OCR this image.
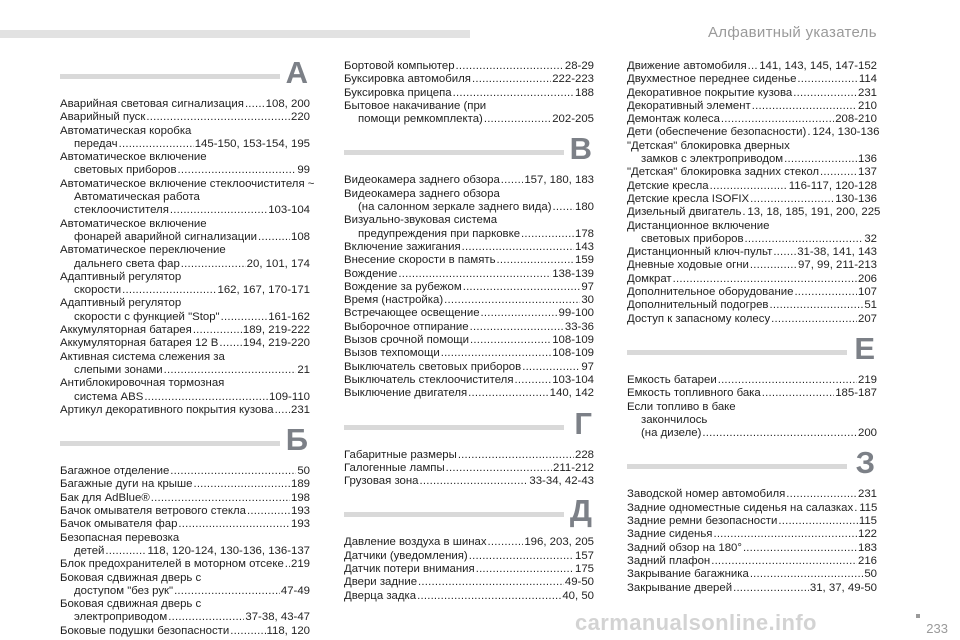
Алфавитный указатель
А
Аварийная световая сигнализация ..... 108, 200
Аварийный пуск .....	220
Автоматическая коробка
передач .....	145-150, 153-154, 195
Автоматическое включение
световых приборов .....	99
Автоматическое включение стеклоочистителя ~
Автоматическая работа
стеклоочистителя .....	103-104
Автоматическое включение
фонарей аварийной сигнализации .....	108
Автоматическое переключение
дальнего света фар .....	20, 101, 174
Адаптивный регулятор
скорости .....	162, 167, 170-171
Адаптивный регулятор
скорости с функцией "Stop" .....	161-162
Аккумуляторная батарея .....	189, 219-222
Аккумуляторная батарея 12 В ..... 194, 219-220
Активная система слежения за
слепыми зонами .....	21
Антиблокировочная тормозная
система ABS .....	109-110
Артикул декоративного покрытия кузова ..... 231
Б
Багажное отделение .....	50
Багажные дуги на крыше .....	189
Бак для AdBlue® .....	198
Бачок омывателя ветрового стекла .....	193
Бачок омывателя фар .....	193
Безопасная перевозка
детей .....	118, 120-124, 130-136, 136-137
Блок предохранителей в моторном отсеке ..... 219
Боковая сдвижная дверь с
доступом "без рук" .....	47-49
Боковая сдвижная дверь с
электроприводом .....	37-38, 43-47
Боковые подушки безопасности .....	118, 120
Бортовой компьютер .....	28-29
Буксировка автомобиля .....	222-223
Буксировка прицепа .....	188
Бытовое накачивание (при
помощи ремкомплекта) .....	202-205
В
Видеокамера заднего обзора ..... 157, 180, 183
Видеокамера заднего обзора
(на салонном зеркале заднего вида) ..... 180
Визуально-звуковая система
предупреждения при парковке .....	178
Включение зажигания .....	143
Внесение скорости в память .....	159
Вождение .....	138-139
Вождение за рубежом .....	97
Время (настройка) .....	30
Встречающее освещение .....	99-100
Выборочное отпирание .....	33-36
Вызов срочной помощи .....	108-109
Вызов техпомощи .....	108-109
Выключатель световых приборов .....	97
Выключатель стеклоочистителя .....	103-104
Выключение двигателя .....	140, 142
Г
Габаритные размеры .....	228
Галогенные лампы .....	211-212
Грузовая зона .....	33-34, 42-43
Д
Давление воздуха в шинах .....	196, 203, 205
Датчики (уведомления) .....	157
Датчик потери внимания .....	175
Двери задние .....	49-50
Дверца задка .....	40, 50
Движение автомобиля ..... 141, 143, 145, 147-152
Двухместное переднее сиденье .....	114
Декоративное покрытие кузова .....	231
Декоративный элемент .....	210
Демонтаж колеса .....	208-210
Дети (обеспечение безопасности) ..... 124, 130-136
"Детская" блокировка дверных
замков с электроприводом .....	136
"Детская" блокировка задних стекол .....	137
Детские кресла .....	116-117, 120-128
Детские кресла ISOFIX .....	130-136
Дизельный двигатель ..... 13, 18, 185, 191, 200, 225
Дистанционное включение
световых приборов .....	32
Дистанционный ключ-пульт ..... 31-38, 141, 143
Дневные ходовые огни .....	97, 99, 211-213
Домкрат .....	206
Дополнительное оборудование .....	107
Дополнительный подогрев .....	51
Доступ к запасному колесу .....	207
Е
Емкость батареи .....	219
Емкость топливного бака .....	185-187
Если топливо в баке
закончилось
(на дизеле) .....	200
З
Заводской номер автомобиля .....	231
Задние одноместные сиденья на салазках ..... 115
Задние ремни безопасности .....	115
Задние сиденья .....	122
Задний обзор на 180° .....	183
Задний плафон .....	216
Закрывание багажника .....	50
Закрывание дверей .....	31, 37, 49-50
233
carmanualsonline.info
